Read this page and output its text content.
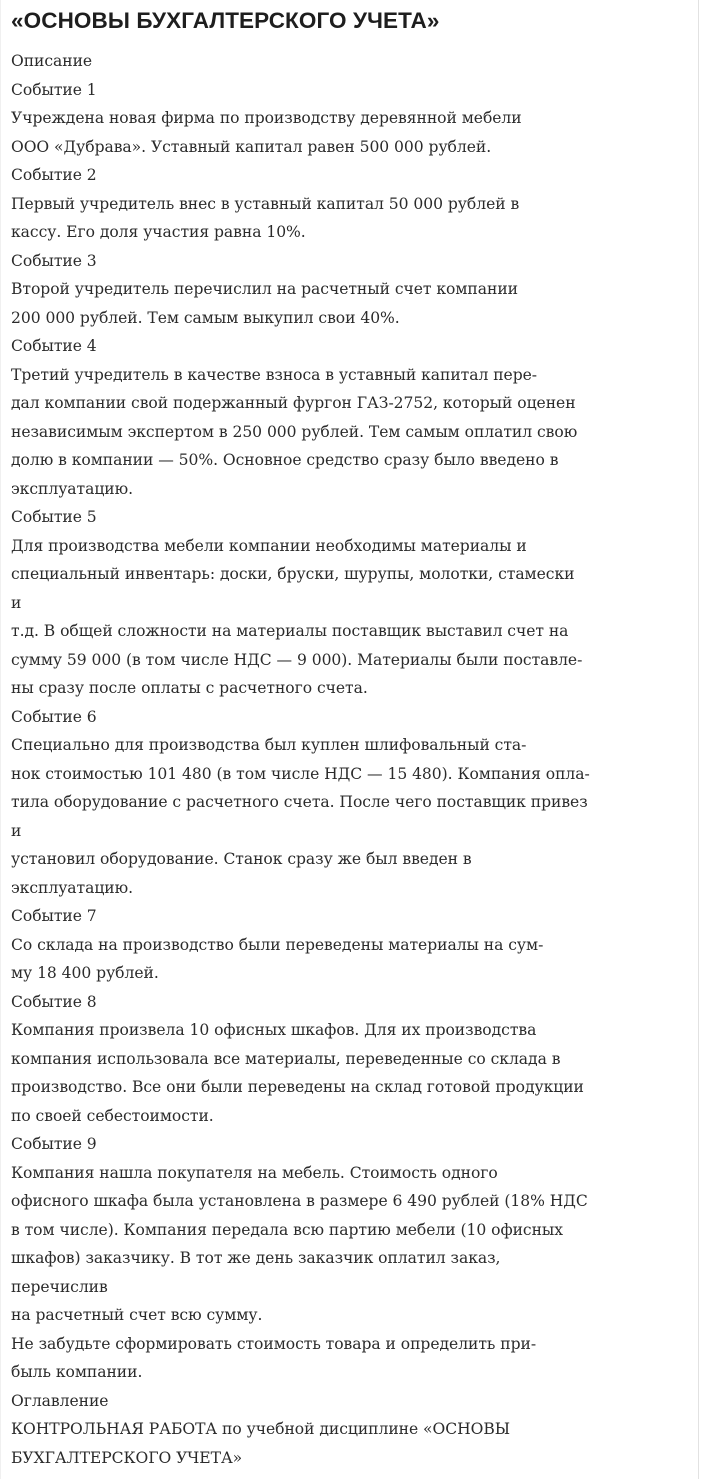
«ОСНОВЫ БУХГАЛТЕРСКОГО УЧЕТА»
Описание
Событие 1
Учреждена новая фирма по производству деревянной мебели
ООО «Дубрава». Уставный капитал равен 500 000 рублей.
Событие 2
Первый учредитель внес в уставный капитал 50 000 рублей в
кассу. Его доля участия равна 10%.
Событие 3
Второй учредитель перечислил на расчетный счет компании
200 000 рублей. Тем самым выкупил свои 40%.
Событие 4
Третий учредитель в качестве взноса в уставный капитал пере-
дал компании свой подержанный фургон ГАЗ-2752, который оценен
независимым экспертом в 250 000 рублей. Тем самым оплатил свою
долю в компании — 50%. Основное средство сразу было введено в
эксплуатацию.
Событие 5
Для производства мебели компании необходимы материалы и
специальный инвентарь: доски, бруски, шурупы, молотки, стамески
и
т.д. В общей сложности на материалы поставщик выставил счет на
сумму 59 000 (в том числе НДС — 9 000). Материалы были поставле-
ны сразу после оплаты с расчетного счета.
Событие 6
Специально для производства был куплен шлифовальный ста-
нок стоимостью 101 480 (в том числе НДС — 15 480). Компания опла-
тила оборудование с расчетного счета. После чего поставщик привез
и
установил оборудование. Станок сразу же был введен в
эксплуатацию.
Событие 7
Со склада на производство были переведены материалы на сум-
му 18 400 рублей.
Событие 8
Компания произвела 10 офисных шкафов. Для их производства
компания использовала все материалы, переведенные со склада в
производство. Все они были переведены на склад готовой продукции
по своей себестоимости.
Событие 9
Компания нашла покупателя на мебель. Стоимость одного
офисного шкафа была установлена в размере 6 490 рублей (18% НДС
в том числе). Компания передала всю партию мебели (10 офисных
шкафов) заказчику. В тот же день заказчик оплатил заказ,
перечислив
на расчетный счет всю сумму.
Не забудьте сформировать стоимость товара и определить при-
быль компании.
Оглавление
КОНТРОЛЬНАЯ РАБОТА по учебной дисциплине «ОСНОВЫ
БУХГАЛТЕРСКОГО УЧЕТА»
